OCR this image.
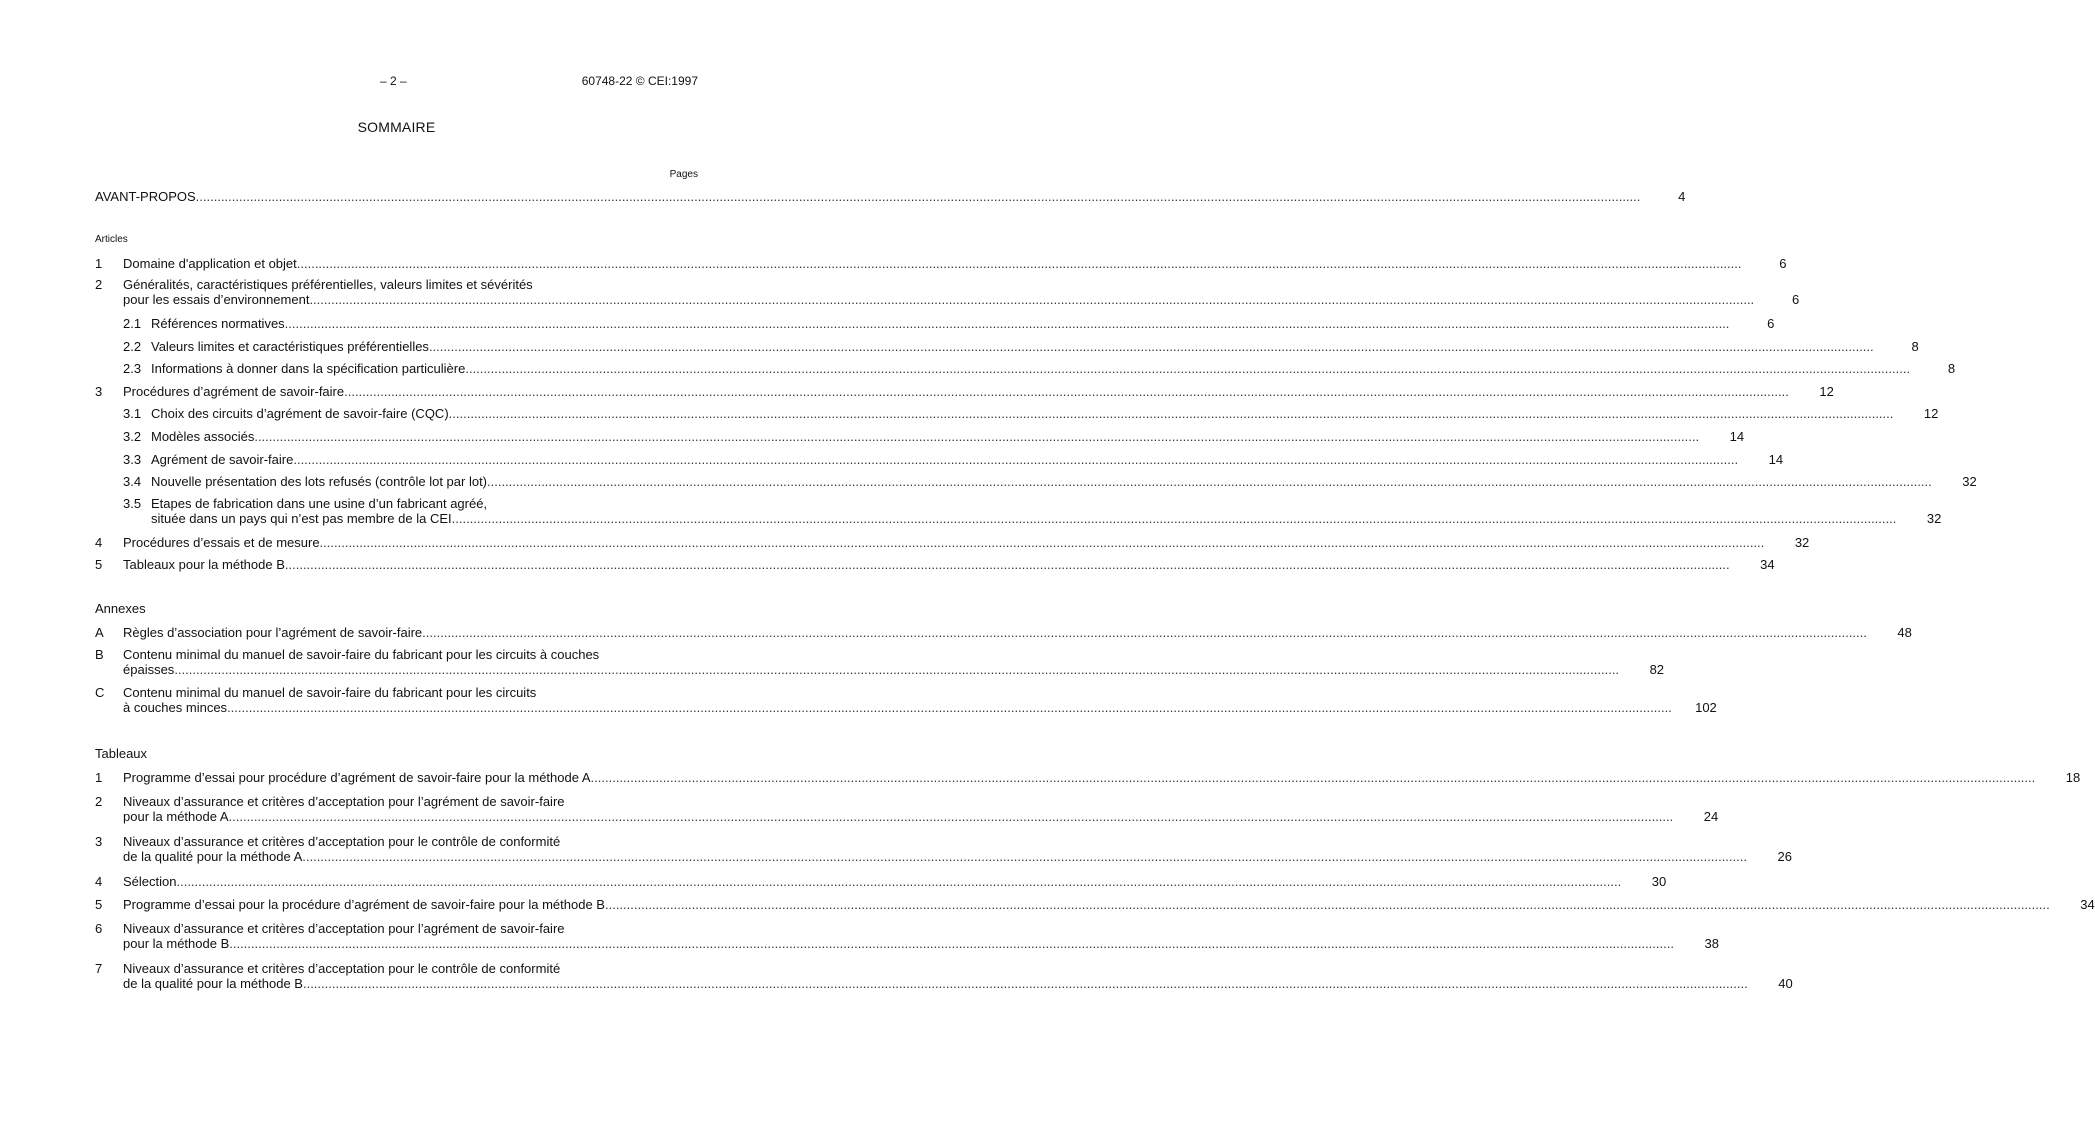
– 2 –	60748-22 © CEI:1997
SOMMAIRE
Pages
Articles
Annexes
Tableaux
AVANT-PROPOS ................................................................................................................................................................................................................................................................................................................................................................................................................	4
1 Domaine d'application et objet ................................................................................................................................................................................................................................................................................................................................................................................................................	6
2 Généralités, caractéristiques préférentielles, valeurs limites et sévérités
pour les essais d’environnement ................................................................................................................................................................................................................................................................................................................................................................................................................	6
2.1 Références normatives ................................................................................................................................................................................................................................................................................................................................................................................................................	6
2.2 Valeurs limites et caractéristiques préférentielles ................................................................................................................................................................................................................................................................................................................................................................................................................	8
2.3 Informations à donner dans la spécification particulière ................................................................................................................................................................................................................................................................................................................................................................................................................	8
3 Procédures d’agrément de savoir-faire ................................................................................................................................................................................................................................................................................................................................................................................................................	12
3.1 Choix des circuits d’agrément de savoir-faire (CQC) ................................................................................................................................................................................................................................................................................................................................................................................................................	12
3.2 Modèles associés ................................................................................................................................................................................................................................................................................................................................................................................................................	14
3.3 Agrément de savoir-faire ................................................................................................................................................................................................................................................................................................................................................................................................................	14
3.4 Nouvelle présentation des lots refusés (contrôle lot par lot) ................................................................................................................................................................................................................................................................................................................................................................................................................	32
3.5 Etapes de fabrication dans une usine d’un fabricant agréé,
située dans un pays qui n’est pas membre de la CEI ................................................................................................................................................................................................................................................................................................................................................................................................................	32
4 Procédures d’essais et de mesure ................................................................................................................................................................................................................................................................................................................................................................................................................	32
5 Tableaux pour la méthode B ................................................................................................................................................................................................................................................................................................................................................................................................................	34
A Règles d’association pour l’agrément de savoir-faire ................................................................................................................................................................................................................................................................................................................................................................................................................	48
B Contenu minimal du manuel de savoir-faire du fabricant pour les circuits à couches
épaisses ................................................................................................................................................................................................................................................................................................................................................................................................................	82
C Contenu minimal du manuel de savoir-faire du fabricant pour les circuits
à couches minces ................................................................................................................................................................................................................................................................................................................................................................................................................	102
1 Programme d’essai pour procédure d’agrément de savoir-faire pour la méthode A ................................................................................................................................................................................................................................................................................................................................................................................................................	18
2 Niveaux d’assurance et critères d’acceptation pour l’agrément de savoir-faire
pour la méthode A ................................................................................................................................................................................................................................................................................................................................................................................................................	24
3 Niveaux d’assurance et critères d’acceptation pour le contrôle de conformité
de la qualité pour la méthode A ................................................................................................................................................................................................................................................................................................................................................................................................................	26
4 Sélection ................................................................................................................................................................................................................................................................................................................................................................................................................	30
5 Programme d’essai pour la procédure d’agrément de savoir-faire pour la méthode B ................................................................................................................................................................................................................................................................................................................................................................................................................	34
6 Niveaux d’assurance et critères d’acceptation pour l’agrément de savoir-faire
pour la méthode B ................................................................................................................................................................................................................................................................................................................................................................................................................	38
7 Niveaux d’assurance et critères d’acceptation pour le contrôle de conformité
de la qualité pour la méthode B ................................................................................................................................................................................................................................................................................................................................................................................................................	40
